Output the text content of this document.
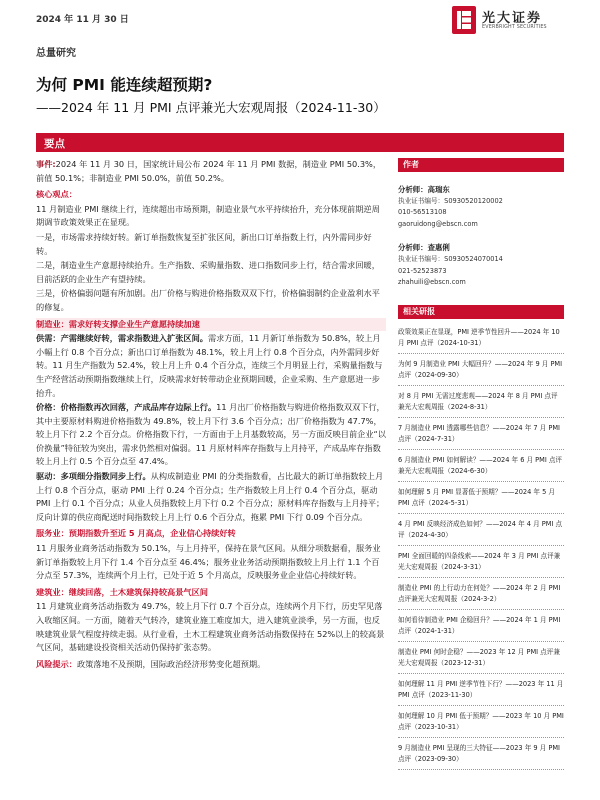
2024 年 11 月 30 日	光大证券
EVERBRIGHT SECURITIES
总量研究
为何 PMI 能连续超预期?
——2024 年 11 月 PMI 点评兼光大宏观周报（2024-11-30）
要点

事件:2024 年 11 月 30 日，国家统计局公布 2024 年 11 月 PMI 数据，制造业 PMI 50.3%，前值 50.1%；非制造业 PMI 50.0%，前值 50.2%。

核心观点：

11 月制造业 PMI 继续上行，连续超出市场预期，制造业景气水平持续抬升，充分体现前期逆周期调节政策效果正在显现。

一是，市场需求持续好转。新订单指数恢复至扩张区间，新出口订单指数上行，内外需同步好转。

二是，制造业生产意愿持续抬升。生产指数、采购量指数、进口指数同步上行，结合需求回暖，目前活跃的企业生产有望持续。

三是，价格偏弱问题有所加剧。出厂价格与购进价格指数双双下行，价格偏弱制约企业盈利水平的修复。

制造业：需求好转支撑企业生产意愿持续加速

供需：产需继续好转，需求指数进入扩张区间。需求方面，11 月新订单指数为 50.8%，较上月小幅上行 0.8 个百分点；新出口订单指数为 48.1%，较上月上行 0.8 个百分点，内外需同步好转。11 月生产指数为 52.4%，较上月上升 0.4 个百分点，连续三个月明显上行，采购量指数与生产经营活动预期指数继续上行，反映需求好转带动企业预期回暖，企业采购、生产意愿进一步抬升。

价格：价格指数再次回落，产成品库存边际上行。11 月出厂价格指数与购进价格指数双双下行，其中主要原材料购进价格指数为 49.8%，较上月下行 3.6 个百分点；出厂价格指数为 47.7%，较上月下行 2.2 个百分点。价格指数下行，一方面由于上月基数较高，另一方面反映目前企业“以价换量”特征较为突出，需求仍然相对偏弱。11 月原材料库存指数与上月持平，产成品库存指数较上月上行 0.5 个百分点至 47.4%。

驱动：多项细分指数同步上行。从构成制造业 PMI 的分类指数看，占比最大的新订单指数较上月上行 0.8 个百分点，驱动 PMI 上行 0.24 个百分点；生产指数较上月上行 0.4 个百分点，驱动 PMI 上行 0.1 个百分点；从业人员指数较上月下行 0.2 个百分点；原材料库存指数与上月持平；反向计算的供应商配送时间指数较上月上行 0.6 个百分点，拖累 PMI 下行 0.09 个百分点。

服务业：预期指数升至近 5 月高点，企业信心持续好转

11 月服务业商务活动指数为 50.1%，与上月持平，保持在景气区间。从细分项数据看，服务业新订单指数较上月下行 1.4 个百分点至 46.4%；服务业业务活动预期指数较上月上行 1.1 个百分点至 57.3%，连续两个月上行，已处于近 5 个月高点，反映服务业企业信心持续好转。

建筑业：继续回落，土木建筑保持较高景气区间

11 月建筑业商务活动指数为 49.7%，较上月下行 0.7 个百分点，连续两个月下行，历史罕见落入收缩区间。一方面，随着天气转冷，建筑业施工难度加大，进入建筑业淡季，另一方面，也反映建筑业景气程度持续走弱。从行业看，土木工程建筑业商务活动指数保持在 52%以上的较高景气区间，基础建设投资相关活动仍保持扩张态势。

风险提示：政策落地不及预期，国际政治经济形势变化超预期。

作者
分析师：高瑞东
执业证书编号：S0930520120002
010-56513108
gaoruidong@ebscn.com
分析师：查惠俐
执业证书编号：S0930524070014
021-52523873
zhahuili@ebscn.com
相关研报
政策效果正在显现，PMI 逆季节性回升——2024 年 10 月 PMI 点评（2024-10-31）
为何 9 月制造业 PMI 大幅回升？——2024 年 9 月 PMI 点评（2024-09-30）
对 8 月 PMI 无需过度悲观——2024 年 8 月 PMI 点评兼光大宏观周报（2024-8-31）
7 月制造业 PMI 透露哪些信息？——2024 年 7 月 PMI 点评（2024-7-31）
6 月制造业 PMI 如何解读？——2024 年 6 月 PMI 点评兼光大宏观周报（2024-6-30）
如何理解 5 月 PMI 显著低于预期？——2024 年 5 月 PMI 点评（2024-5-31）
4 月 PMI 反映经济成色如何？——2024 年 4 月 PMI 点评（2024-4-30）
PMI 全面回暖的四条线索——2024 年 3 月 PMI 点评兼光大宏观周报（2024-3-31）
制造业 PMI 的上行动力在何处？——2024 年 2 月 PMI 点评兼光大宏观周报（2024-3-2）
如何看待制造业 PMI 企稳回升？——2024 年 1 月 PMI 点评（2024-1-31）
制造业 PMI 何时企稳？——2023 年 12 月 PMI 点评兼光大宏观周报（2023-12-31）
如何理解 11 月 PMI 逆季节性下行？——2023 年 11 月 PMI 点评（2023-11-30）
如何理解 10 月 PMI 低于预期？——2023 年 10 月 PMI 点评（2023-10-31）
9 月制造业 PMI 呈现的三大特征——2023 年 9 月 PMI 点评（2023-09-30）
